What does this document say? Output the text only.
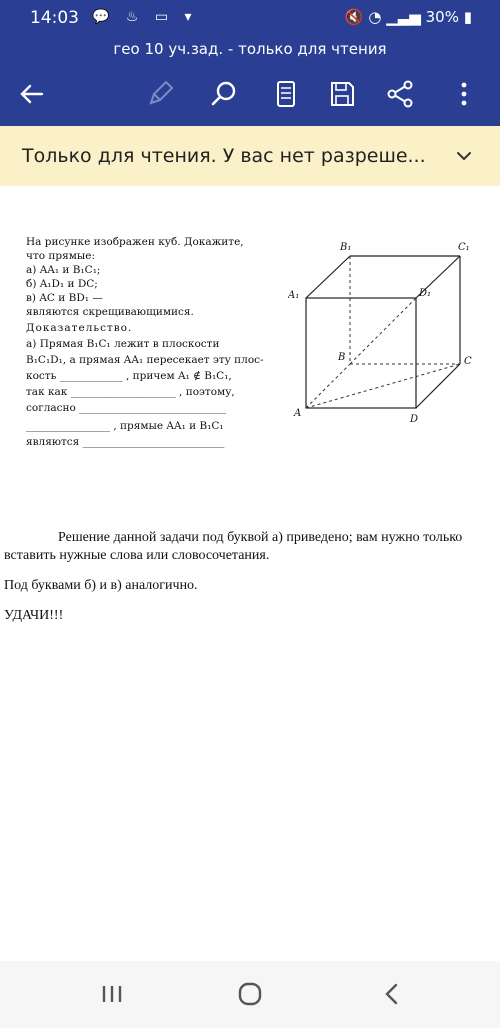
14:03 💬 ♨ ▭ ▾	🔇 ◔ ▁▃▅ 30% ▮
гео 10 уч.зад. - только для чтения
Только для чтения. У вас нет разреше...
На рисунке изображен куб. Докажите,
что прямые:
а) AA₁ и B₁C₁;
б) A₁D₁ и DC;
в) AC и BD₁ —
являются скрещивающимися.
Доказательство.
а) Прямая B₁C₁ лежит в плоскости
B₁C₁D₁, а прямая AA₁ пересекает эту плос-
кость ____________ , причем A₁ ∉ B₁C₁,
так как ____________________ , поэтому,
согласно ____________________________
________________ , прямые AA₁ и B₁C₁
являются ___________________________
B₁	C₁
A₁	D₁
B	C
A
D
Решение данной задачи под буквой а) приведено; вам нужно только
вставить нужные слова или словосочетания.
Под буквами б) и в) аналогично.
УДАЧИ!!!
